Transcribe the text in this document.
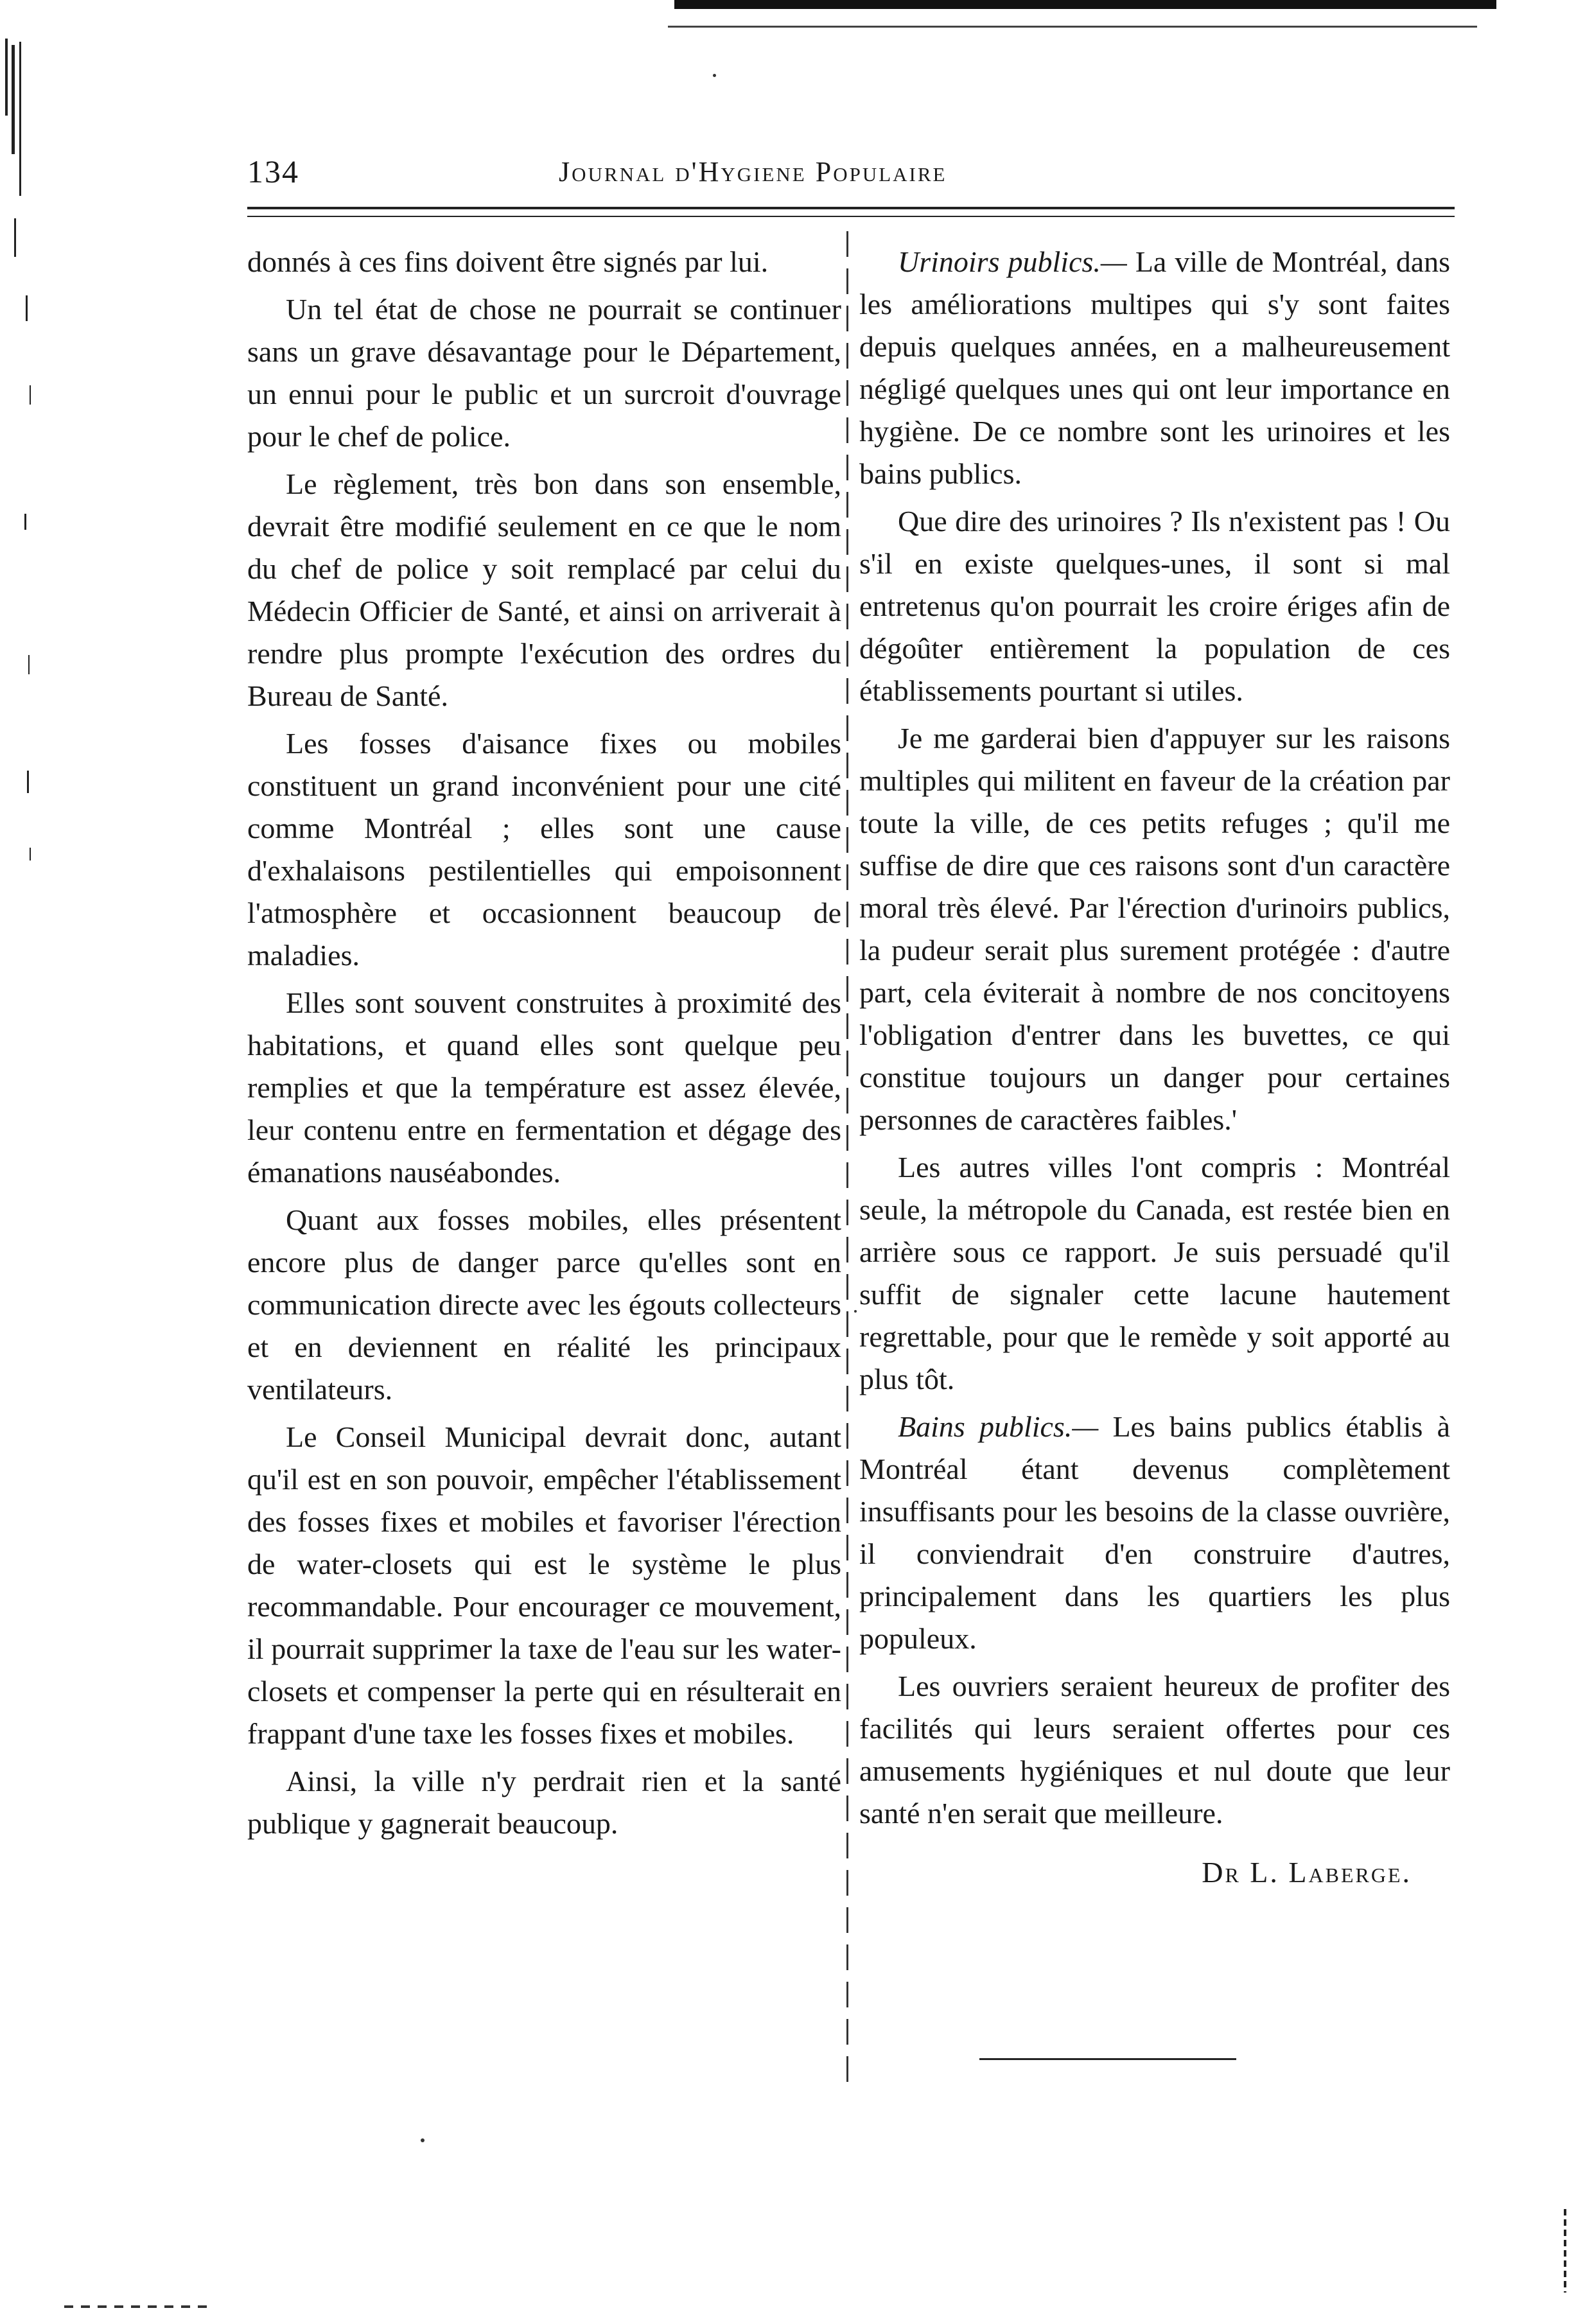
134	Journal d'Hygiene Populaire

donnés à ces fins doivent être signés par lui.

Un tel état de chose ne pourrait se continuer sans un grave désavantage pour le Département, un ennui pour le public et un surcroit d'ouvrage pour le chef de police.

Le règlement, très bon dans son ensemble, devrait être modifié seulement en ce que le nom du chef de police y soit remplacé par celui du Médecin Officier de Santé, et ainsi on arriverait à rendre plus prompte l'exécution des ordres du Bureau de Santé.

Les fosses d'aisance fixes ou mobiles constituent un grand inconvénient pour une cité comme Montréal ; elles sont une cause d'exhalaisons pestilentielles qui empoisonnent l'atmosphère et occasionnent beaucoup de maladies.

Elles sont souvent construites à proximité des habitations, et quand elles sont quelque peu remplies et que la température est assez élevée, leur contenu entre en fermentation et dégage des émanations nauséabondes.

Quant aux fosses mobiles, elles présentent encore plus de danger parce qu'elles sont en communication directe avec les égouts collecteurs et en deviennent en réalité les principaux ventilateurs.

Le Conseil Municipal devrait donc, autant qu'il est en son pouvoir, empêcher l'établissement des fosses fixes et mobiles et favoriser l'érection de water-closets qui est le système le plus recommandable. Pour encourager ce mouvement, il pourrait supprimer la taxe de l'eau sur les water-closets et compenser la perte qui en résulterait en frappant d'une taxe les fosses fixes et mobiles.

Ainsi, la ville n'y perdrait rien et la santé publique y gagnerait beaucoup.

Urinoirs publics.— La ville de Montréal, dans les améliorations multipes qui s'y sont faites depuis quelques années, en a malheureusement négligé quelques unes qui ont leur importance en hygiène. De ce nombre sont les urinoires et les bains publics.

Que dire des urinoires ? Ils n'existent pas ! Ou s'il en existe quelques-unes, il sont si mal entretenus qu'on pourrait les croire ériges afin de dégoûter entièrement la population de ces établissements pourtant si utiles.

Je me garderai bien d'appuyer sur les raisons multiples qui militent en faveur de la création par toute la ville, de ces petits refuges ; qu'il me suffise de dire que ces raisons sont d'un caractère moral très élevé. Par l'érection d'urinoirs publics, la pudeur serait plus surement protégée : d'autre part, cela éviterait à nombre de nos concitoyens l'obligation d'entrer dans les buvettes, ce qui constitue toujours un danger pour certaines personnes de caractères faibles.'

Les autres villes l'ont compris : Montréal seule, la métropole du Canada, est restée bien en arrière sous ce rapport. Je suis persuadé qu'il suffit de signaler cette lacune hautement regrettable, pour que le remède y soit apporté au plus tôt.

Bains publics.— Les bains publics établis à Montréal étant devenus complètement insuffisants pour les besoins de la classe ouvrière, il conviendrait d'en construire d'autres, principalement dans les quartiers les plus populeux.

Les ouvriers seraient heureux de profiter des facilités qui leurs seraient offertes pour ces amusements hygiéniques et nul doute que leur santé n'en serait que meilleure.

Dr L. Laberge.
